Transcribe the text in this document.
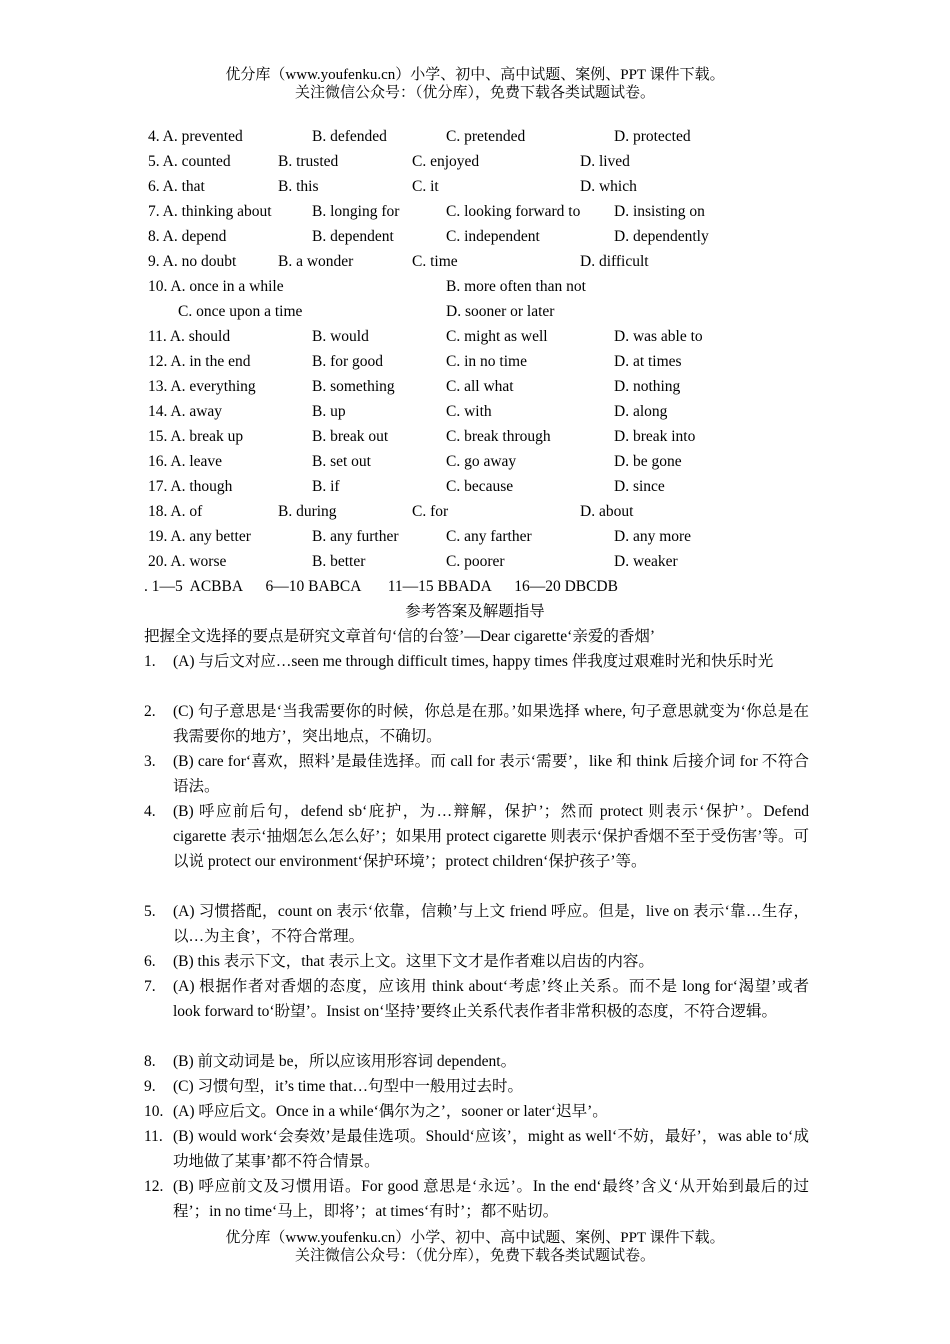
优分库（www.youfenku.cn）小学、初中、高中试题、案例、PPT 课件下载。
关注微信公众号：（优分库），免费下载各类试题试卷。
4. A. prevented	B. defended	C. pretended	D. protected
5. A. counted	B. trusted	C. enjoyed	D. lived
6. A. that	B. this	C. it	D. which
7. A. thinking about	B. longing for	C. looking forward to D. insisting on
8. A. depend	B. dependent	C. independent	D. dependently
9. A. no doubt	B. a wonder	C. time	D. difficult
10. A. once in a while	B. more often than not
C. once upon a time	D. sooner or later
11. A. should	B. would	C. might as well	D. was able to
12. A. in the end	B. for good	C. in no time	D. at times
13. A. everything	B. something	C. all what	D. nothing
14. A. away	B. up	C. with	D. along
15. A. break up	B. break out	C. break through	D. break into
16. A. leave	B. set out	C. go away	D. be gone
17. A. though	B. if	C. because	D. since
18. A. of	B. during	C. for	D. about
19. A. any better	B. any further	C. any farther	D. any more
20. A. worse	B. better	C. poorer	D. weaker
. 1—5  ACBBA      6—10 BABCA       11—15 BBADA      16—20 DBCDB
参考答案及解题指导
把握全文选择的要点是研究文章首句‘信的台签’—Dear cigarette‘亲爱的香烟’
1.	(A) 与后文对应…seen me through difficult times, happy times 伴我度过艰难时光和快乐时光
2.	(C) 句子意思是‘当我需要你的时候，你总是在那。’如果选择 where, 句子意思就变为‘你总是在我需要你的地方’，突出地点，不确切。
3.	(B) care for‘喜欢，照料’是最佳选择。而 call for 表示‘需要’，like 和 think 后接介词 for 不符合语法。
4.	(B) 呼应前后句，defend sb‘庇护，为…辩解，保护’；然而 protect 则表示‘保护’。Defend cigarette 表示‘抽烟怎么怎么好’；如果用 protect cigarette 则表示‘保护香烟不至于受伤害’等。可以说 protect our environment‘保护环境’；protect children‘保护孩子’等。
5.	(A) 习惯搭配，count on 表示‘依靠，信赖’与上文 friend 呼应。但是，live on 表示‘靠…生存，以…为主食’，不符合常理。
6.	(B) this 表示下文，that 表示上文。这里下文才是作者难以启齿的内容。
7.	(A) 根据作者对香烟的态度，应该用 think about‘考虑’终止关系。而不是 long for‘渴望’或者 look forward to‘盼望’。Insist on‘坚持’要终止关系代表作者非常积极的态度，不符合逻辑。
8.	(B) 前文动词是 be，所以应该用形容词 dependent。
9.	(C) 习惯句型，it’s time that…句型中一般用过去时。
10. (A) 呼应后文。Once in a while‘偶尔为之’，sooner or later‘迟早’。
11. (B) would work‘会奏效’是最佳选项。Should‘应该’，might as well‘不妨，最好’，was able to‘成功地做了某事’都不符合情景。
12. (B) 呼应前文及习惯用语。For good 意思是‘永远’。In the end‘最终’含义‘从开始到最后的过程’；in no time‘马上，即将’；at times‘有时’；都不贴切。
优分库（www.youfenku.cn）小学、初中、高中试题、案例、PPT 课件下载。
关注微信公众号：（优分库），免费下载各类试题试卷。
